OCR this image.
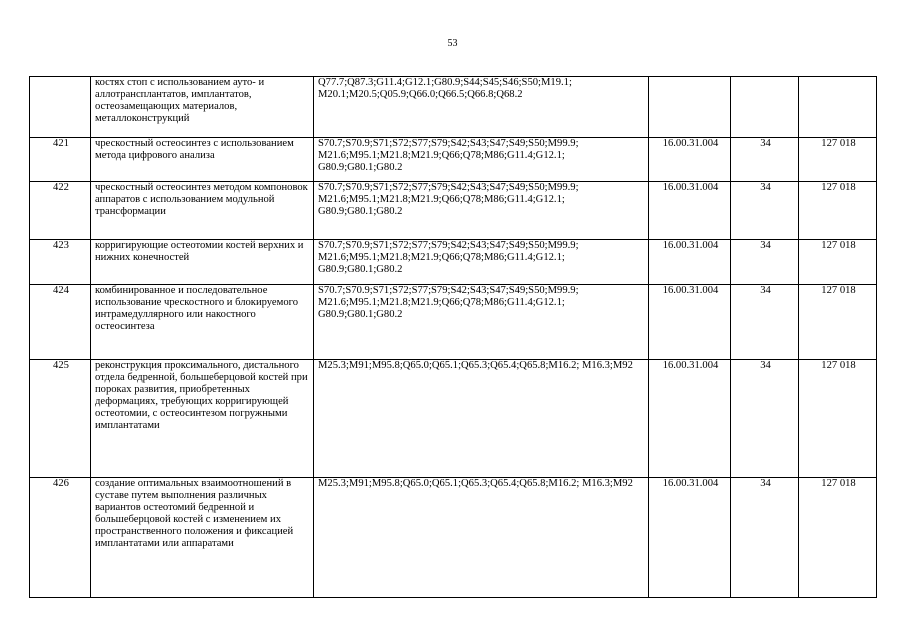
53
	костях стоп с использованием ауто- и аллотрансплантатов, имплантатов, остеозамещающих материалов, металлоконструкций	Q77.7;Q87.3;G11.4;G12.1;G80.9;S44;S45;S46;S50;M19.1; M20.1;M20.5;Q05.9;Q66.0;Q66.5;Q66.8;Q68.2			
421	чрескостный остеосинтез с использованием метода цифрового анализа	S70.7;S70.9;S71;S72;S77;S79;S42;S43;S47;S49;S50;M99.9; M21.6;M95.1;M21.8;M21.9;Q66;Q78;M86;G11.4;G12.1; G80.9;G80.1;G80.2	16.00.31.004	34	127 018
422	чрескостный остеосинтез методом компоновок аппаратов с использованием модульной трансформации	S70.7;S70.9;S71;S72;S77;S79;S42;S43;S47;S49;S50;M99.9; M21.6;M95.1;M21.8;M21.9;Q66;Q78;M86;G11.4;G12.1; G80.9;G80.1;G80.2	16.00.31.004	34	127 018
423	корригирующие остеотомии костей верхних и нижних конечностей	S70.7;S70.9;S71;S72;S77;S79;S42;S43;S47;S49;S50;M99.9; M21.6;M95.1;M21.8;M21.9;Q66;Q78;M86;G11.4;G12.1; G80.9;G80.1;G80.2	16.00.31.004	34	127 018
424	комбинированное и последовательное использование чрескостного и блокируемого интрамедуллярного или накостного остеосинтеза	S70.7;S70.9;S71;S72;S77;S79;S42;S43;S47;S49;S50;M99.9; M21.6;M95.1;M21.8;M21.9;Q66;Q78;M86;G11.4;G12.1; G80.9;G80.1;G80.2	16.00.31.004	34	127 018
425	реконструкция проксимального, дистального отдела бедренной, большеберцовой костей при пороках развития, приобретенных деформациях, требующих корригирующей остеотомии, с остеосинтезом погружными имплантатами	M25.3;M91;M95.8;Q65.0;Q65.1;Q65.3;Q65.4;Q65.8;M16.2; M16.3;M92	16.00.31.004	34	127 018
426	создание оптимальных взаимоотношений в суставе путем выполнения различных вариантов остеотомий бедренной и большеберцовой костей с изменением их пространственного положения и фиксацией имплантатами или аппаратами	M25.3;M91;M95.8;Q65.0;Q65.1;Q65.3;Q65.4;Q65.8;M16.2; M16.3;M92	16.00.31.004	34	127 018
